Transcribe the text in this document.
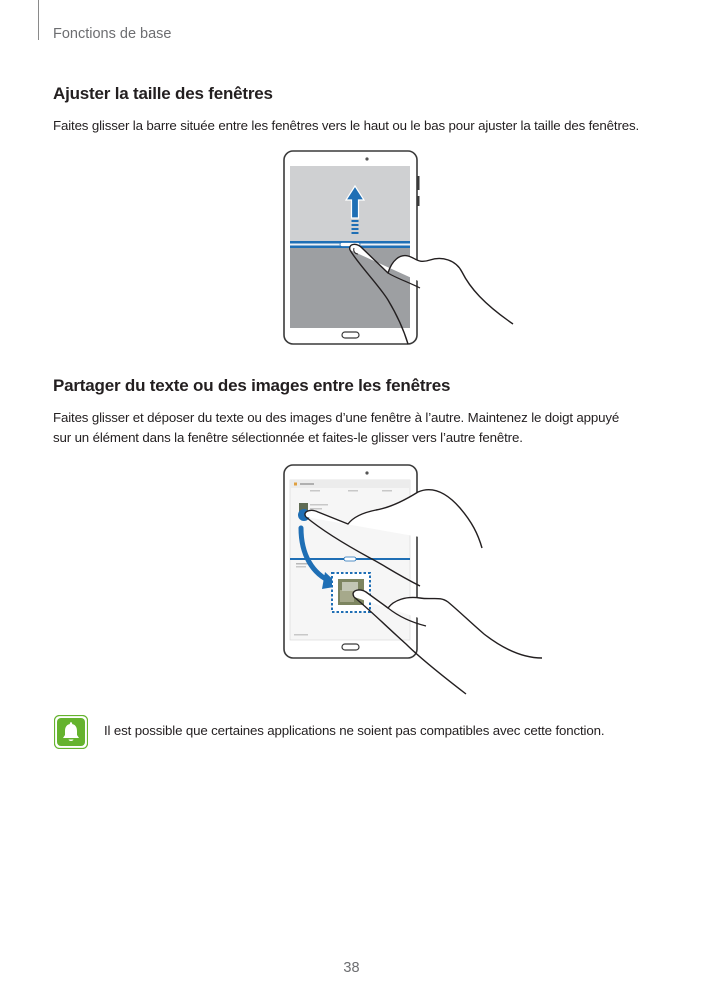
Fonctions de base
Ajuster la taille des fenêtres

Faites glisser la barre située entre les fenêtres vers le haut ou le bas pour ajuster la taille des fenêtres.

Partager du texte ou des images entre les fenêtres

Faites glisser et déposer du texte ou des images d’une fenêtre à l’autre. Maintenez le doigt appuyé

sur un élément dans la fenêtre sélectionnée et faites-le glisser vers l’autre fenêtre.

Il est possible que certaines applications ne soient pas compatibles avec cette fonction.

38
